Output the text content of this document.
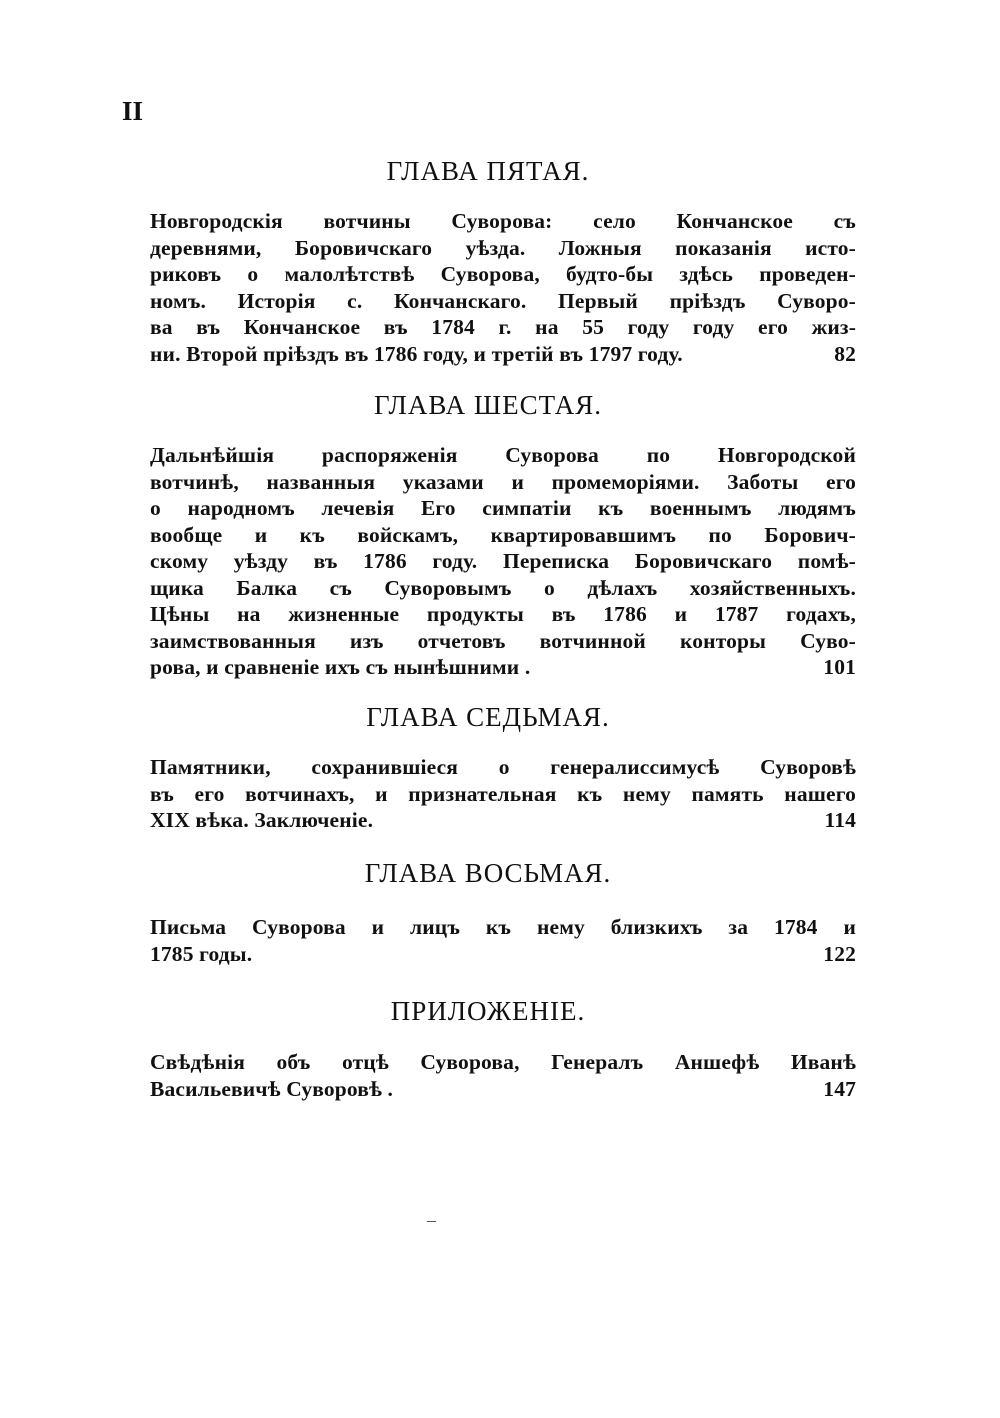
II
ГЛАВА ПЯТАЯ.
Новгородскія вотчины Суворова: село Кончанское съ
деревнями, Боровичскаго уѣзда. Ложныя показанія исто-
риковъ о малолѣтствѣ Суворова, будто-бы здѣсь проведен-
номъ. Исторія с. Кончанскаго. Первый пріѣздъ Суворо-
ва въ Кончанское въ 1784 г. на 55 году году его жиз-
ни. Второй пріѣздъ въ 1786 году, и третій въ 1797 году.	82
ГЛАВА ШЕСТАЯ.
Дальнѣйшія распоряженія Суворова по Новгородской
вотчинѣ, названныя указами и промеморіями. Заботы его
о народномъ лечевія Его симпатіи къ военнымъ людямъ
вообще и къ войскамъ, квартировавшимъ по Борович-
скому уѣзду въ 1786 году. Переписка Боровичскаго помѣ-
щика Балка съ Суворовымъ о дѣлахъ хозяйственныхъ.
Цѣны на жизненные продукты въ 1786 и 1787 годахъ,
заимствованныя изъ отчетовъ вотчинной конторы Суво-
рова, и сравненіе ихъ съ нынѣшними .	101
ГЛАВА СЕДЬМАЯ.
Памятники, сохранившіеся о генералиссимусѣ Суворовѣ
въ его вотчинахъ, и признательная къ нему память нашего
XIX вѣка. Заключеніе.	114
ГЛАВА ВОСЬМАЯ.
Письма Суворова и лицъ къ нему близкихъ за 1784 и
1785 годы.	122
ПРИЛОЖЕНІЕ.
Свѣдѣнія объ отцѣ Суворова, Генералъ Аншефѣ Иванѣ
Васильевичѣ Суворовѣ .	147
–
